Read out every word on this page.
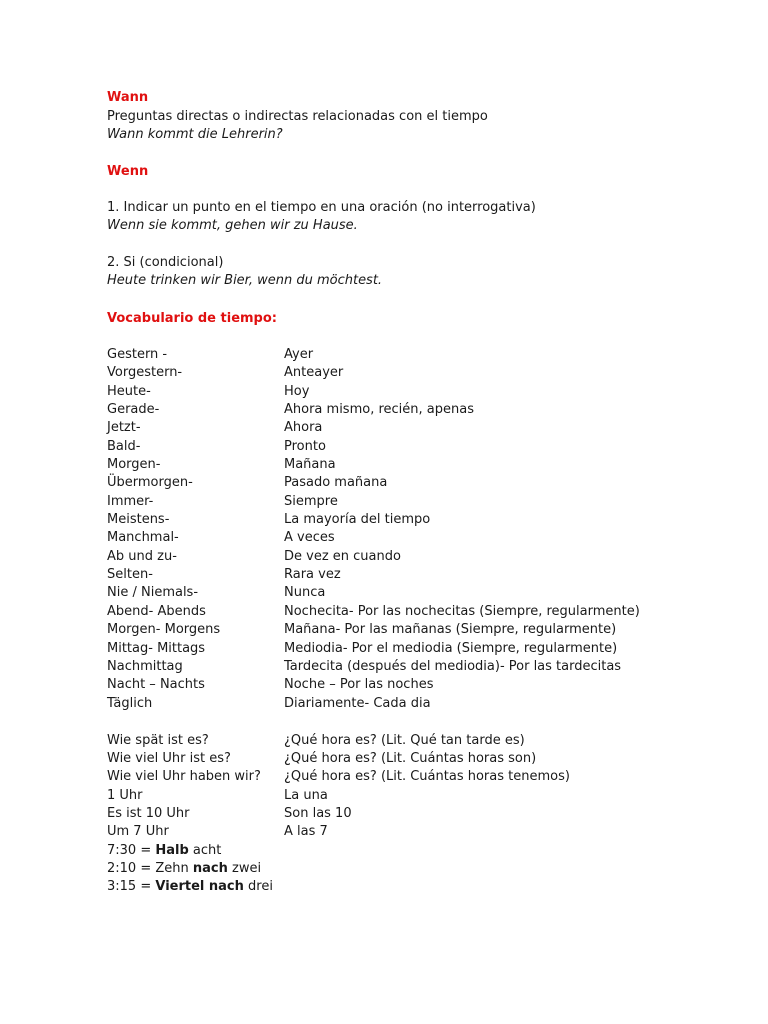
Wann
Preguntas directas o indirectas relacionadas con el tiempo
Wann kommt die Lehrerin?
Wenn
1. Indicar un punto en el tiempo en una oración (no interrogativa)
Wenn sie kommt, gehen wir zu Hause.
2. Si (condicional)
Heute trinken wir Bier, wenn du möchtest.
Vocabulario de tiempo:
Gestern -	Ayer
Vorgestern-	Anteayer
Heute-	Hoy
Gerade-	Ahora mismo, recién, apenas
Jetzt-	Ahora
Bald-	Pronto
Morgen-	Mañana
Übermorgen-	Pasado mañana
Immer-	Siempre
Meistens-	La mayoría del tiempo
Manchmal-	A veces
Ab und zu-	De vez en cuando
Selten-	Rara vez
Nie / Niemals-	Nunca
Abend- Abends	Nochecita- Por las nochecitas (Siempre, regularmente)
Morgen- Morgens	Mañana- Por las mañanas (Siempre, regularmente)
Mittag- Mittags	Mediodia- Por el mediodia (Siempre, regularmente)
Nachmittag	Tardecita (después del mediodia)- Por las tardecitas
Nacht – Nachts	Noche – Por las noches
Täglich	Diariamente- Cada dia
Wie spät ist es?	¿Qué hora es? (Lit. Qué tan tarde es)
Wie viel Uhr ist es?	¿Qué hora es? (Lit. Cuántas horas son)
Wie viel Uhr haben wir? ¿Qué hora es? (Lit. Cuántas horas tenemos)
1 Uhr	La una
Es ist 10 Uhr	Son las 10
Um 7 Uhr	A las 7
7:30 = Halb acht
2:10 = Zehn nach zwei
3:15 = Viertel nach drei
